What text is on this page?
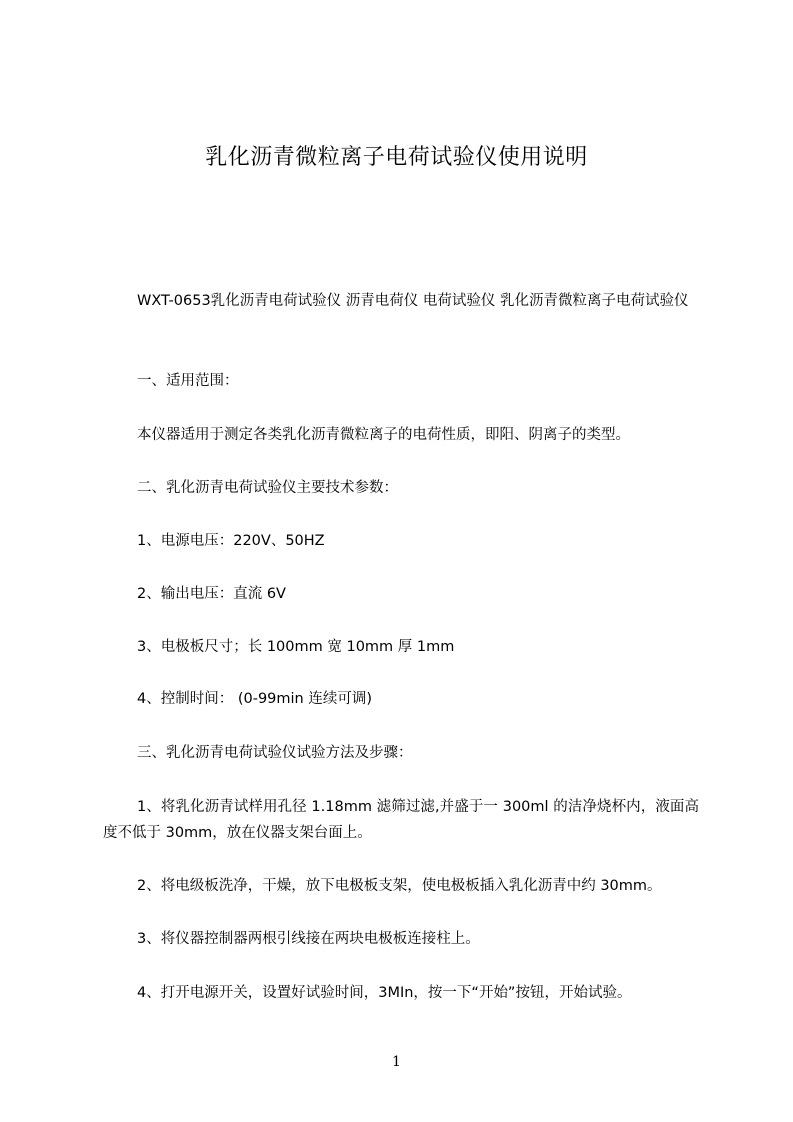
乳化沥青微粒离子电荷试验仪使用说明
WXT-0653乳化沥青电荷试验仪 沥青电荷仪 电荷试验仪 乳化沥青微粒离子电荷试验仪
一、适用范围：
本仪器适用于测定各类乳化沥青微粒离子的电荷性质，即阳、阴离子的类型。
二、乳化沥青电荷试验仪主要技术参数：
1、电源电压：220V、50HZ
2、输出电压：直流 6V
3、电极板尺寸；长 100mm 宽 10mm 厚 1mm
4、控制时间： (0-99min 连续可调)
三、乳化沥青电荷试验仪试验方法及步骤：
1、将乳化沥青试样用孔径 1.18mm 滤筛过滤,并盛于一 300ml 的洁净烧杯内，液面高度不低于 30mm，放在仪器支架台面上。
2、将电级板洗净，干燥，放下电极板支架，使电极板插入乳化沥青中约 30mm。
3、将仪器控制器两根引线接在两块电极板连接柱上。
4、打开电源开关，设置好试验时间，3MIn，按一下“开始”按钮，开始试验。
1
